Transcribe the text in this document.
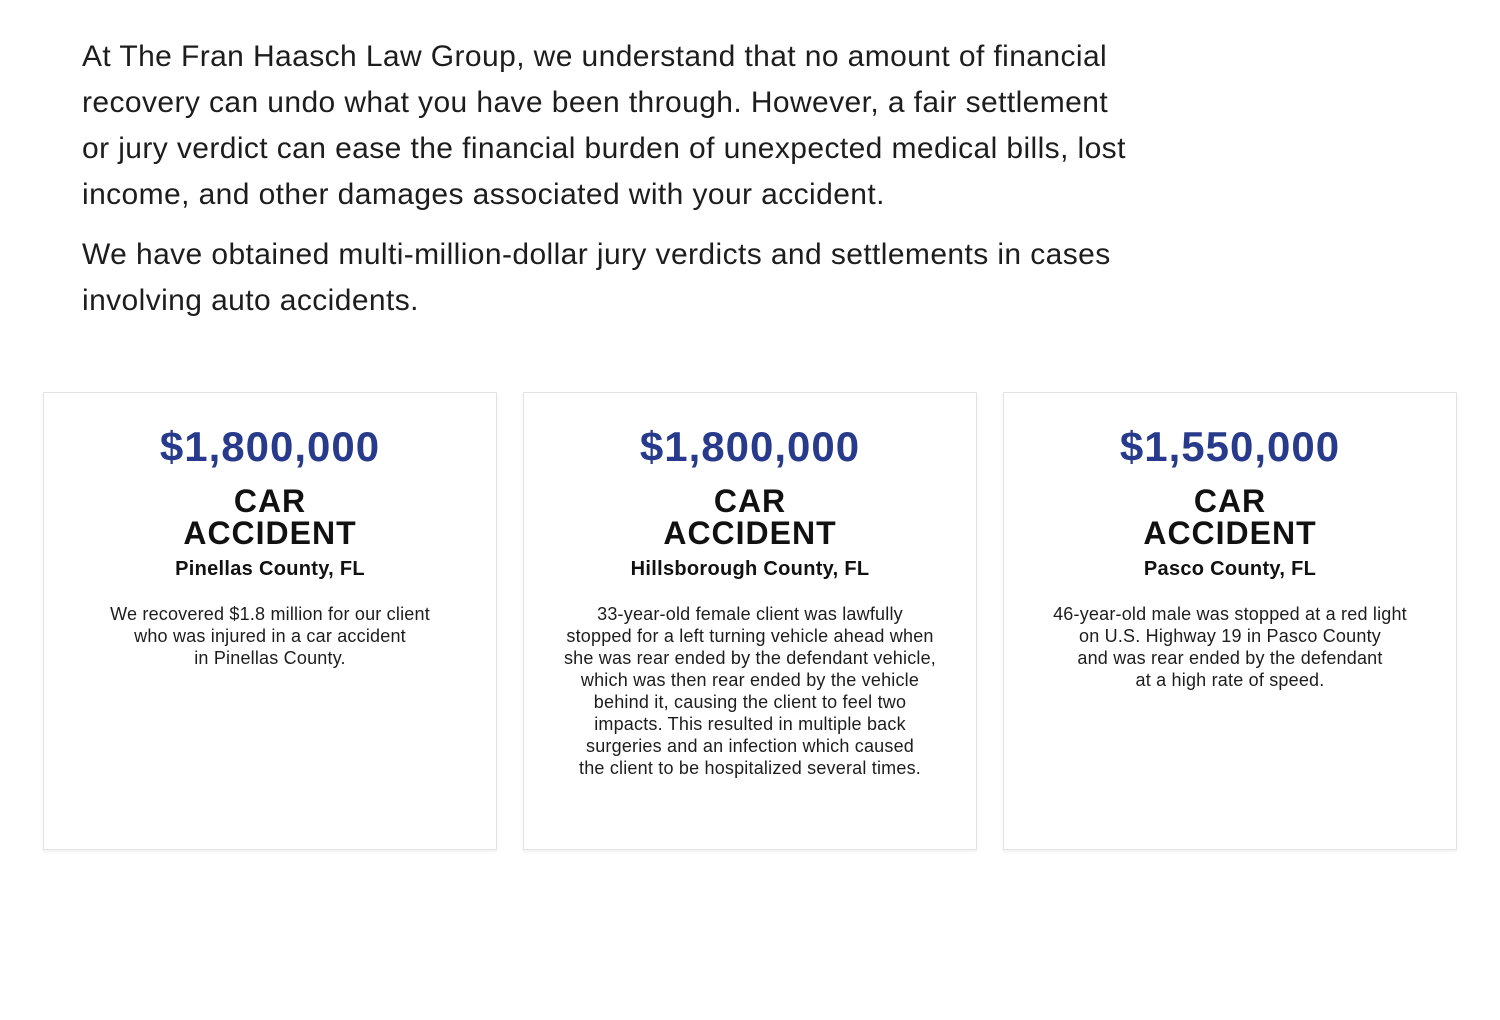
At The Fran Haasch Law Group, we understand that no amount of financial
recovery can undo what you have been through. However, a fair settlement
or jury verdict can ease the financial burden of unexpected medical bills, lost
income, and other damages associated with your accident.

We have obtained multi-million-dollar jury verdicts and settlements in cases
involving auto accidents.

$1,800,000
CAR
ACCIDENT
Pinellas County, FL

We recovered $1.8 million for our client
who was injured in a car accident
in Pinellas County.

$1,800,000
CAR
ACCIDENT
Hillsborough County, FL

33-year-old female client was lawfully
stopped for a left turning vehicle ahead when
she was rear ended by the defendant vehicle,
which was then rear ended by the vehicle
behind it, causing the client to feel two
impacts. This resulted in multiple back
surgeries and an infection which caused
the client to be hospitalized several times.

$1,550,000
CAR
ACCIDENT
Pasco County, FL

46-year-old male was stopped at a red light
on U.S. Highway 19 in Pasco County
and was rear ended by the defendant
at a high rate of speed.
